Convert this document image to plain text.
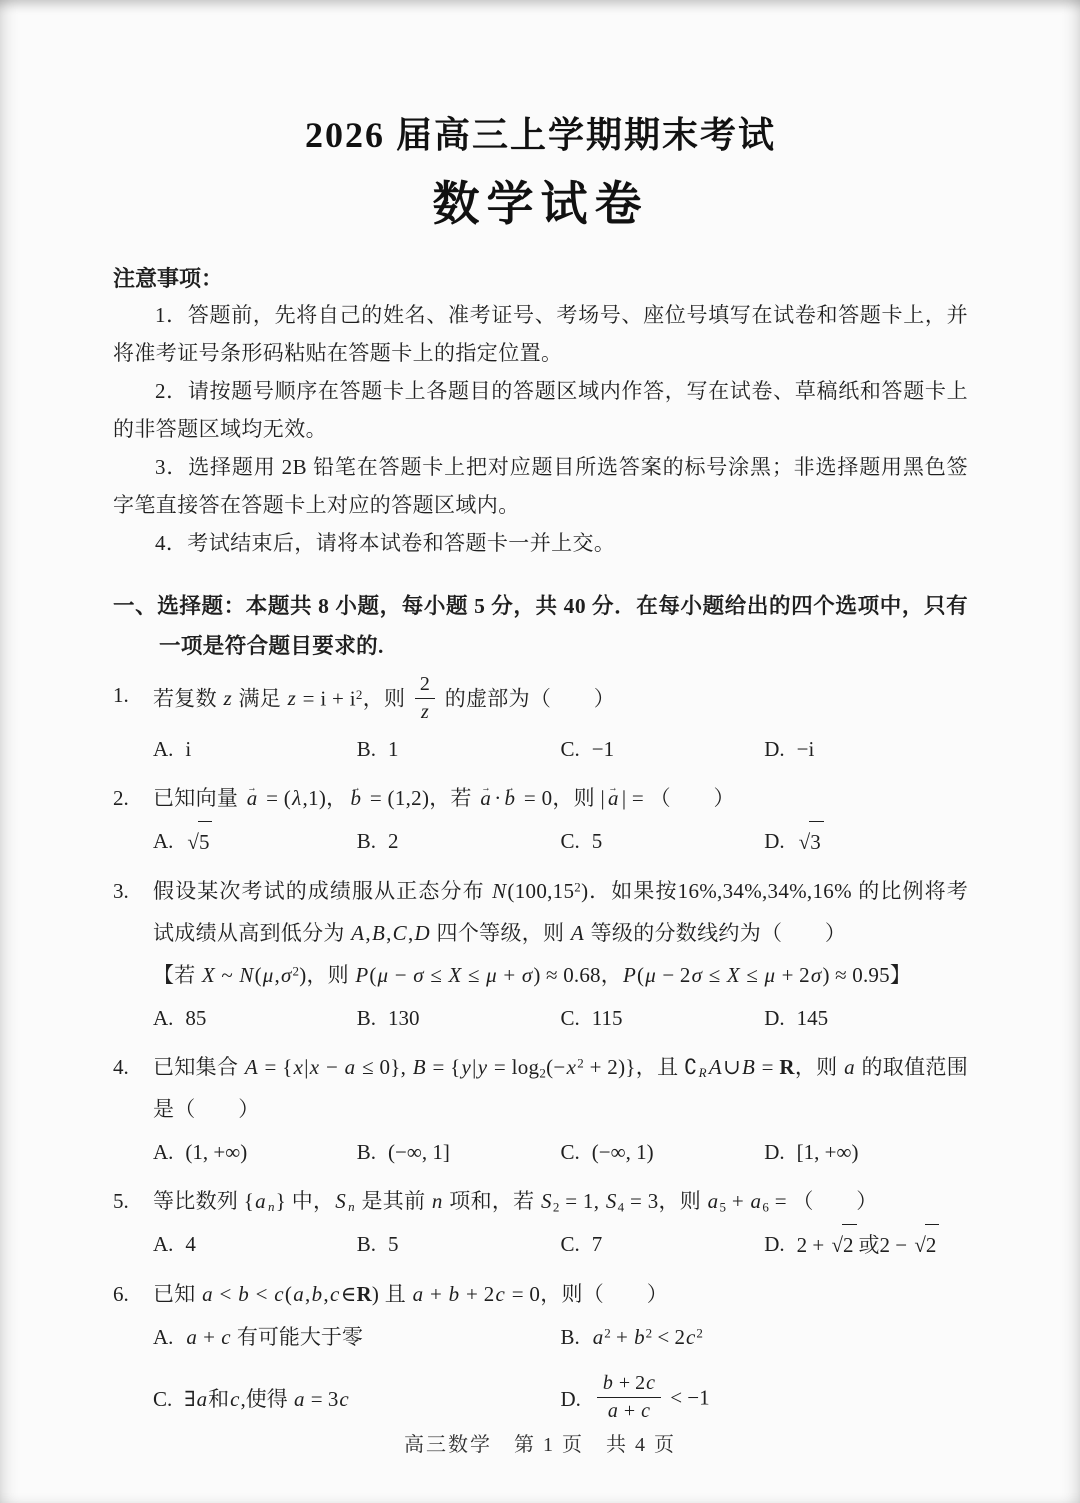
2026 届高三上学期期末考试
数学试卷
注意事项：

1．答题前，先将自己的姓名、准考证号、考场号、座位号填写在试卷和答题卡上，并将准考证号条形码粘贴在答题卡上的指定位置。

2．请按题号顺序在答题卡上各题目的答题区域内作答，写在试卷、草稿纸和答题卡上的非答题区域均无效。

3．选择题用 2B 铅笔在答题卡上把对应题目所选答案的标号涂黑；非选择题用黑色签字笔直接答在答题卡上对应的答题区域内。

4．考试结束后，请将本试卷和答题卡一并上交。

一、选择题：本题共 8 小题，每小题 5 分，共 40 分．在每小题给出的四个选项中，只有一项是符合题目要求的.
1.	若复数 z 满足 $z = i + i^2$，则 $\frac{2}{z}$ 的虚部为（　　）
A. i	B. 1	C. −1	D. −i
2.	已知向量 a → = (λ,1)， b → = (1,2)，若 a → · b → = 0，则 | a → | = （　　）
A. √5	B. 2	C. 5	D. √3
3.	假设某次考试的成绩服从正态分布 N(100,15$^2$)．如果按16%,34%,34%,16% 的比例将考试成绩从高到低分为 A,B,C,D 四个等级，则 A 等级的分数线约为（　　）
【若 X ~ $N(\mu,\sigma^2)$，则 P(μ − σ ≤ X ≤ μ + σ) ≈ 0.68，P(μ − 2σ ≤ X ≤ μ + 2σ) ≈ 0.95】
A. 85	B. 130	C. 115	D. 145
4.	已知集合 A = {x|x − a ≤ 0}, $B = \{y|y = \log_2(-x^2 + 2)\}$，且 $∁_RA\cup B = R$，则 a 的取值范围是（　　）
A. (1, +∞)	B. (−∞, 1]	C. (−∞, 1)	D. [1, +∞)
5.	等比数列 {a $_n$} 中，S $_n$ 是其前 n 项和，若 $S_2 = 1$, $S_4 = 3$，则 $a_5 + a_6$ = （　　）
A. 4	B. 5	C. 7	D. 2 + √2 或2 − √2
6.	已知 a < b < c(a,b,c∈R) 且 a + b + 2c = 0，则（　　）
A. a + c 有可能大于零	B. $a^2 + b^2 < 2c^2$
C. ∃a和c,使得 a = 3c	D. $\frac{b + 2c}{a + c} < -1$
高三数学　第 1 页　共 4 页
